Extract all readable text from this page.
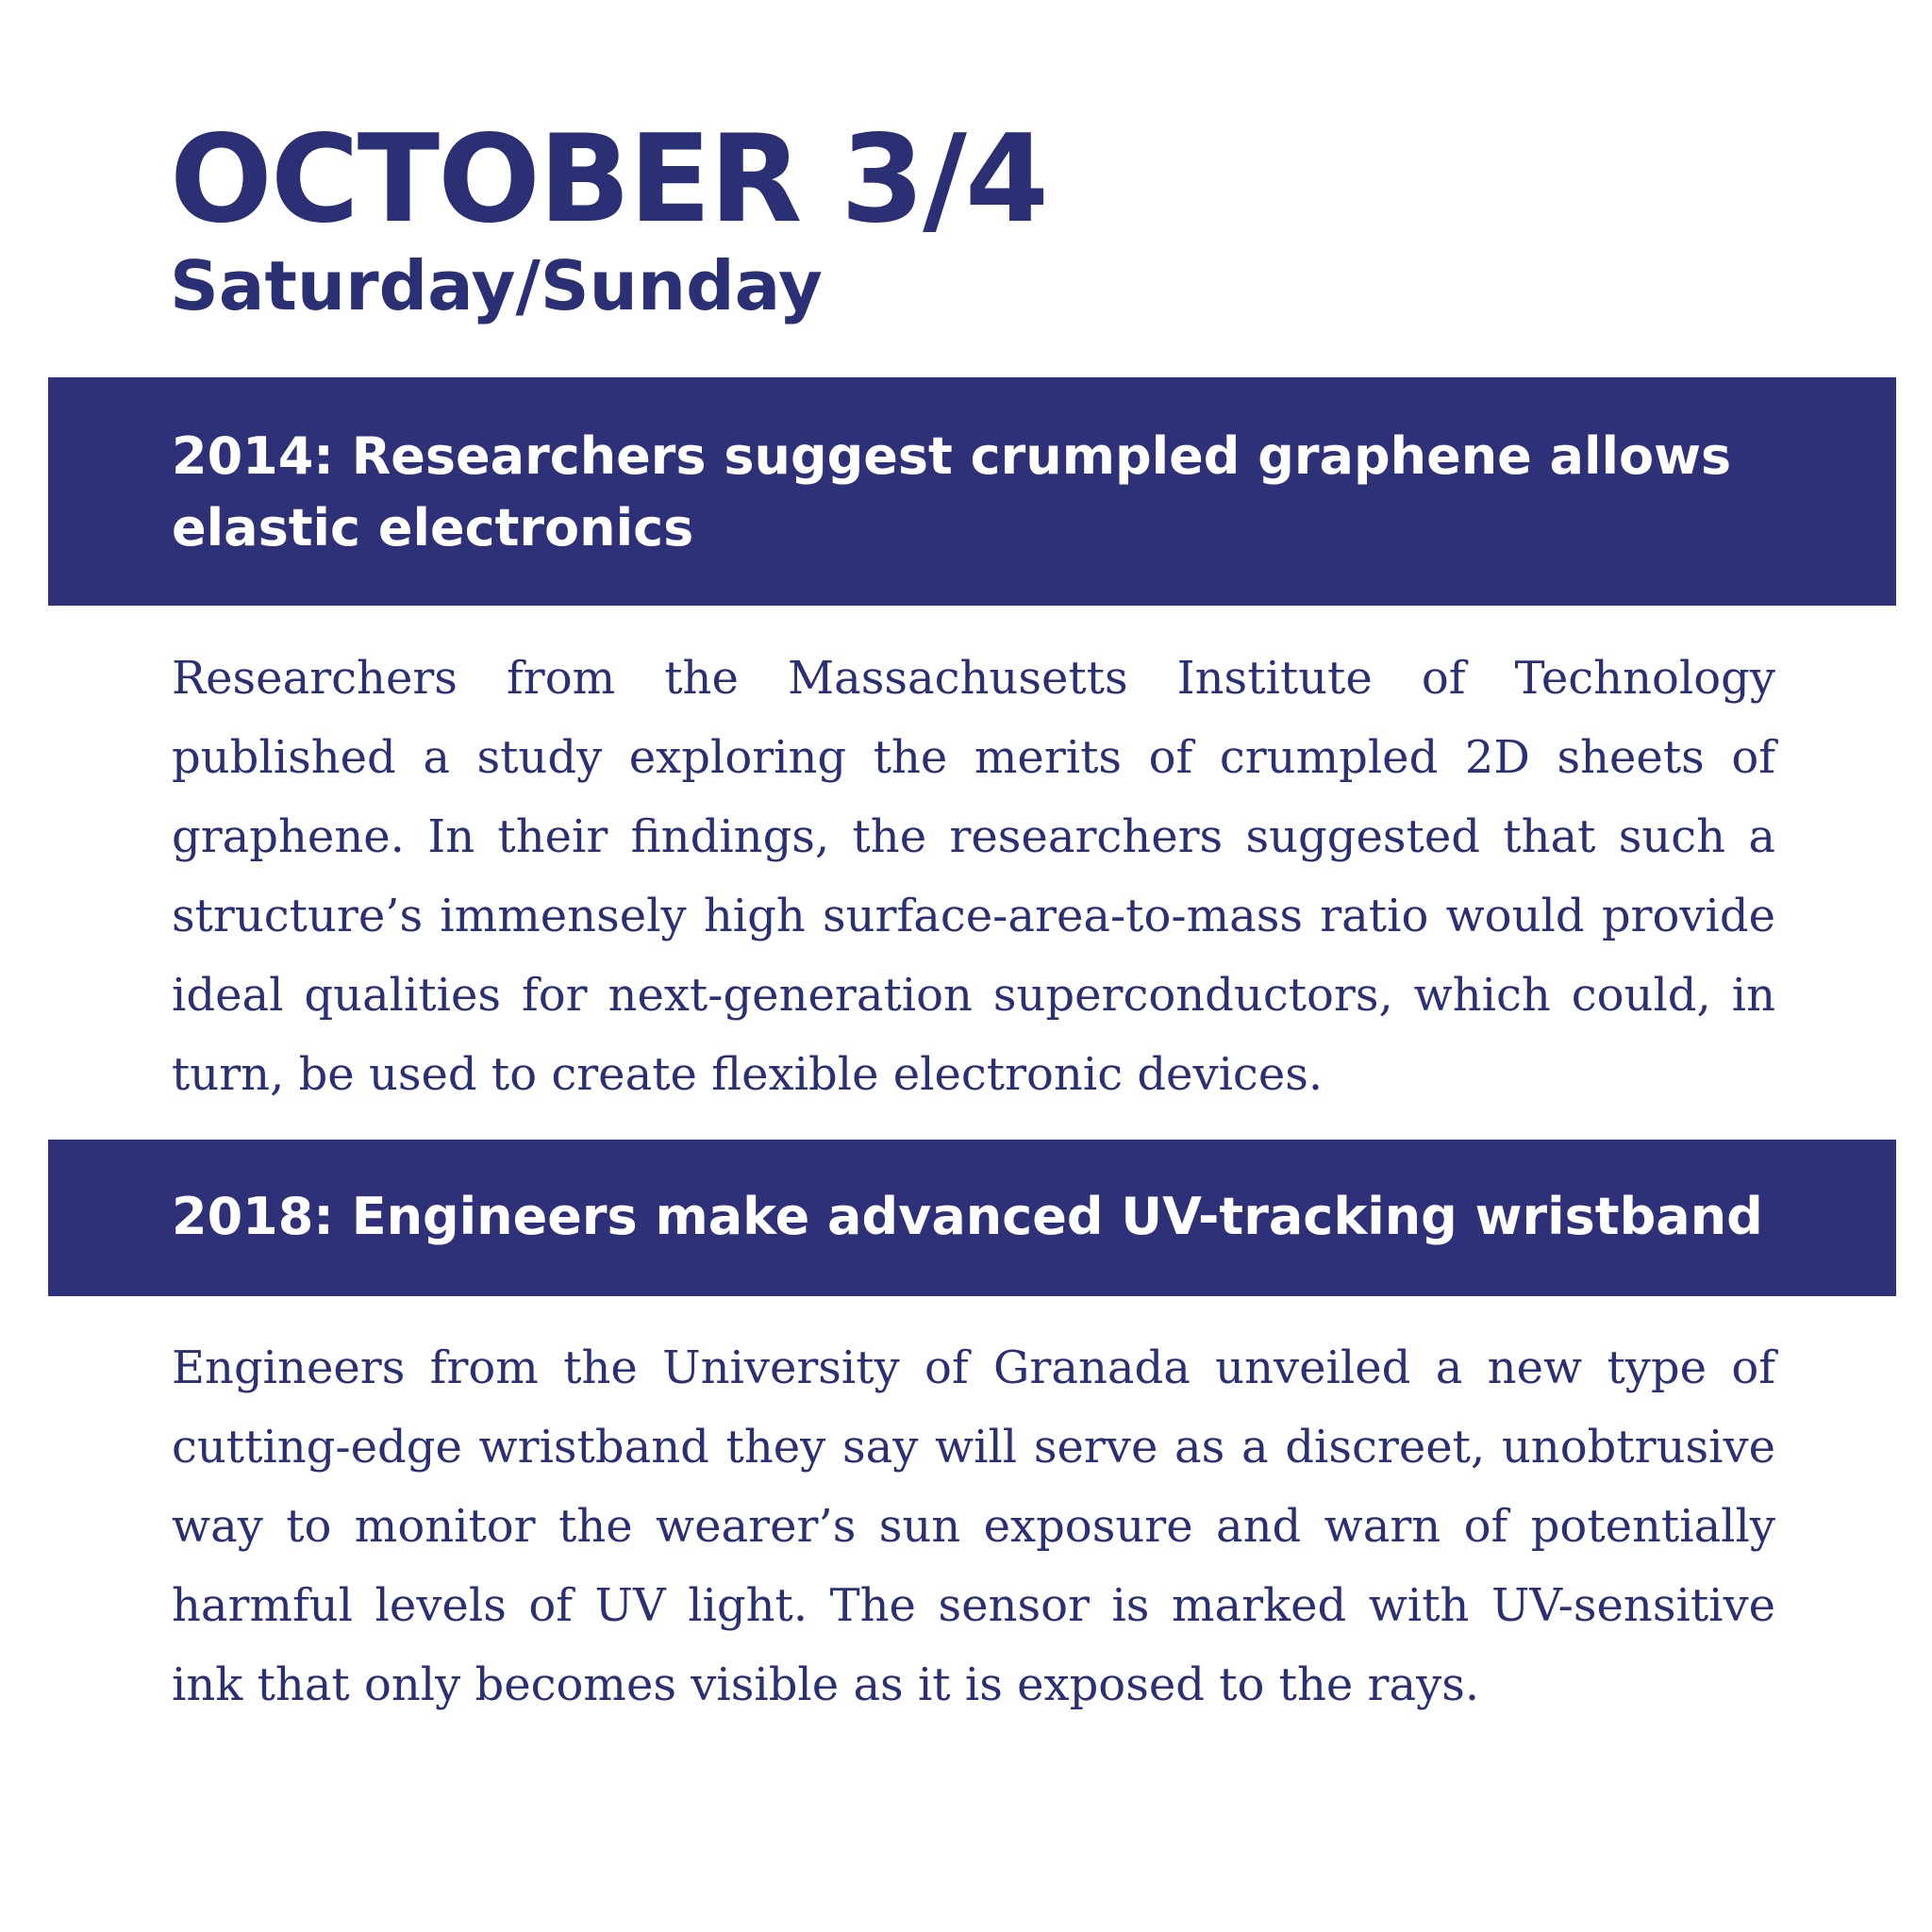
OCTOBER 3/4
Saturday/Sunday
2014: Researchers suggest crumpled graphene allows elastic electronics

Researchers from the Massachusetts Institute of Technology published a study exploring the merits of crumpled 2D sheets of graphene. In their findings, the researchers suggested that such a structure’s immensely high surface-area-to-mass ratio would provide ideal qualities for next-generation superconductors, which could, in turn, be used to create flexible electronic devices.

2018: Engineers make advanced UV-tracking wristband

Engineers from the University of Granada unveiled a new type of cutting-edge wristband they say will serve as a discreet, unobtrusive way to monitor the wearer’s sun exposure and warn of potentially harmful levels of UV light. The sensor is marked with UV-sensitive ink that only becomes visible as it is exposed to the rays.
